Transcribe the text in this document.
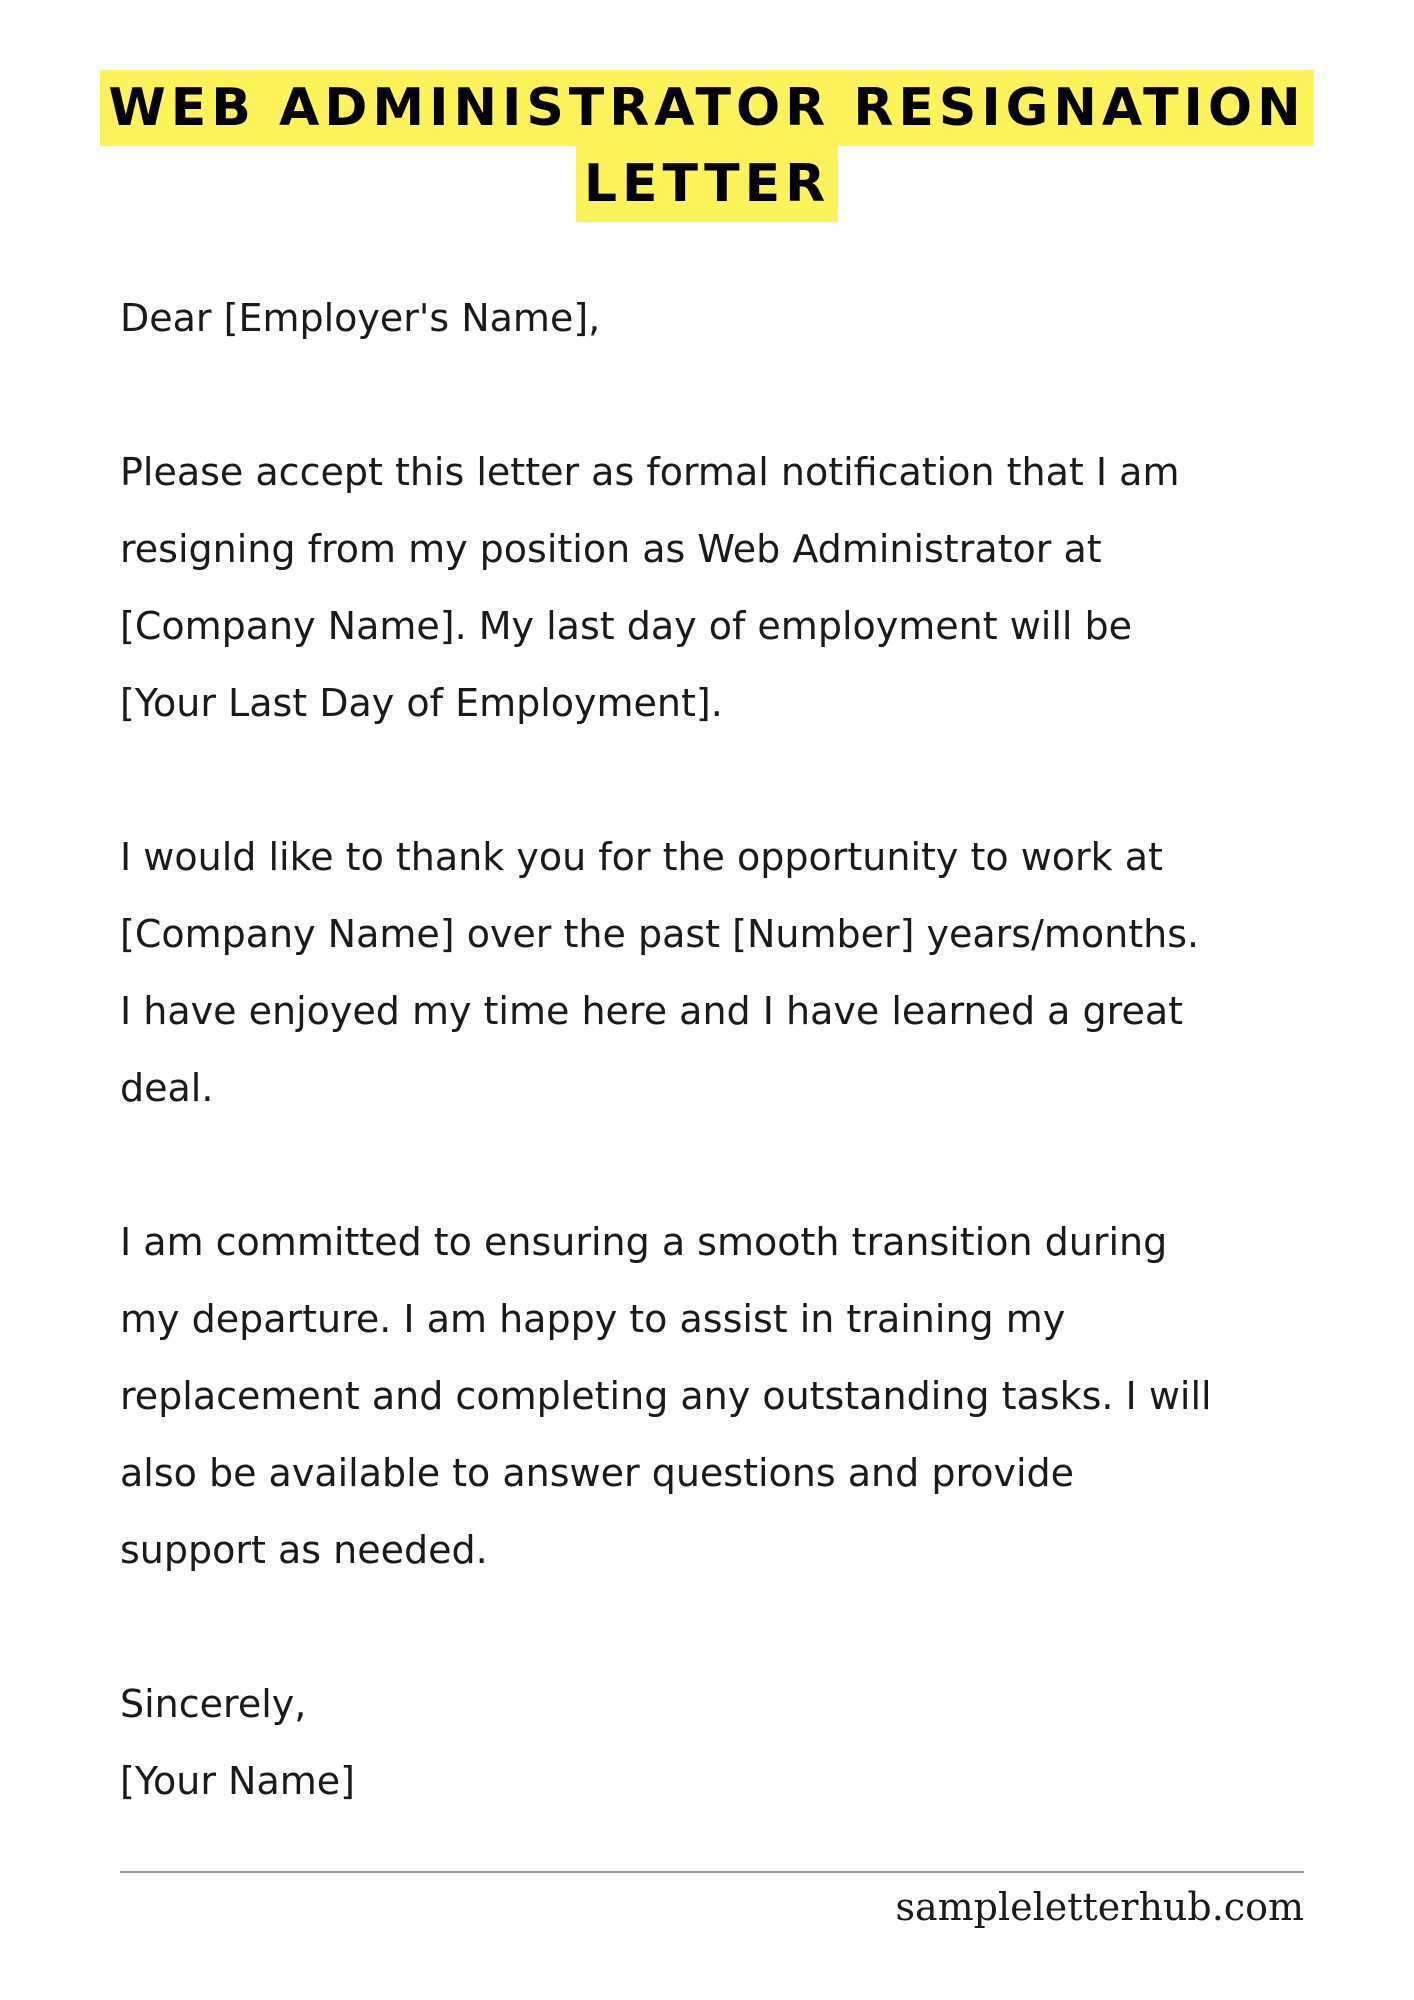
WEB ADMINISTRATOR RESIGNATION
LETTER
Dear [Employer's Name],
Please accept this letter as formal notification that I am
resigning from my position as Web Administrator at
[Company Name]. My last day of employment will be
[Your Last Day of Employment].
I would like to thank you for the opportunity to work at
[Company Name] over the past [Number] years/months.
I have enjoyed my time here and I have learned a great
deal.
I am committed to ensuring a smooth transition during
my departure. I am happy to assist in training my
replacement and completing any outstanding tasks. I will
also be available to answer questions and provide
support as needed.
Sincerely,
[Your Name]
sampleletterhub.com
